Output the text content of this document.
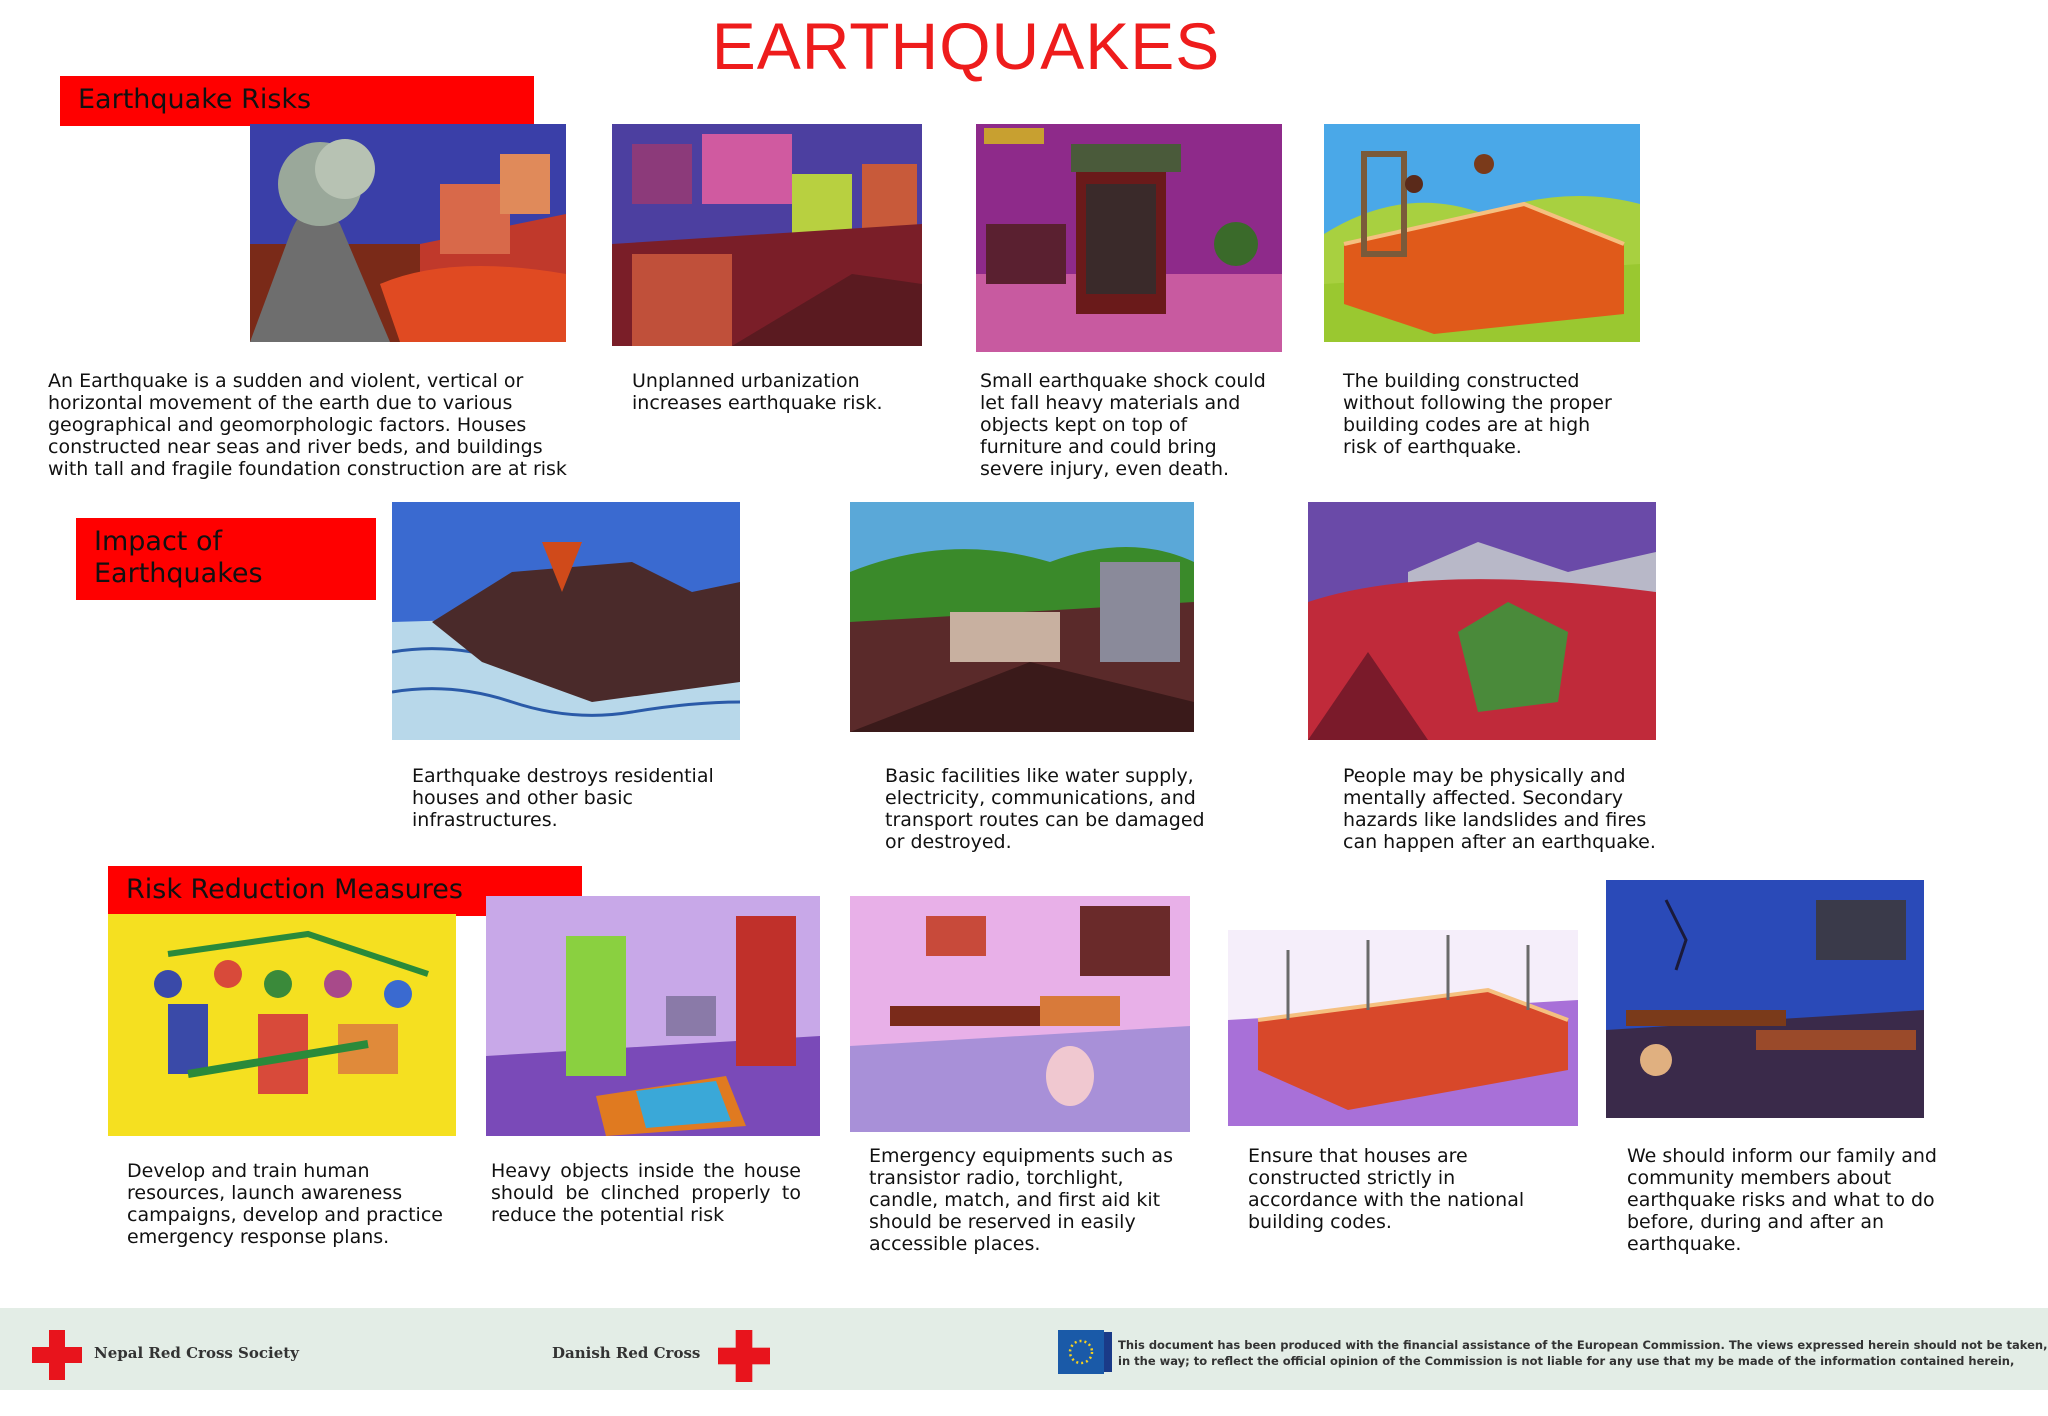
EARTHQUAKES
Earthquake Risks
An Earthquake is a sudden and violent, vertical or horizontal movement of the earth due to various geographical and geomorphologic factors. Houses constructed near seas and river beds, and buildings with tall and fragile foundation construction are at risk
Unplanned urbanization increases earthquake risk.
Small earthquake shock could let fall heavy materials and objects kept on top of furniture and could bring severe injury, even death.
The building constructed without following the proper building codes are at high risk of earthquake.
Impact of Earthquakes
Earthquake destroys residential houses and other basic infrastructures.
Basic facilities like water supply, electricity, communications, and transport routes can be damaged or destroyed.
People may be physically and mentally affected. Secondary hazards like landslides and fires can happen after an earthquake.
Risk Reduction Measures
Develop and train human resources, launch awareness campaigns, develop and practice emergency response plans.
Heavy objects inside the house should be clinched properly to reduce the potential risk
Emergency equipments such as transistor radio, torchlight, candle, match, and first aid kit should be reserved in easily accessible places.
Ensure that houses are constructed strictly in accordance with the national building codes.
We should inform our family and community members about earthquake risks and what to do before, during and after an earthquake.
Nepal Red Cross Society	Danish Red Cross	This document has been produced with the financial assistance of the European Commission. The views expressed herein should not be taken,
in the way; to reflect the official opinion of the Commission is not liable for any use that my be made of the information contained herein,
